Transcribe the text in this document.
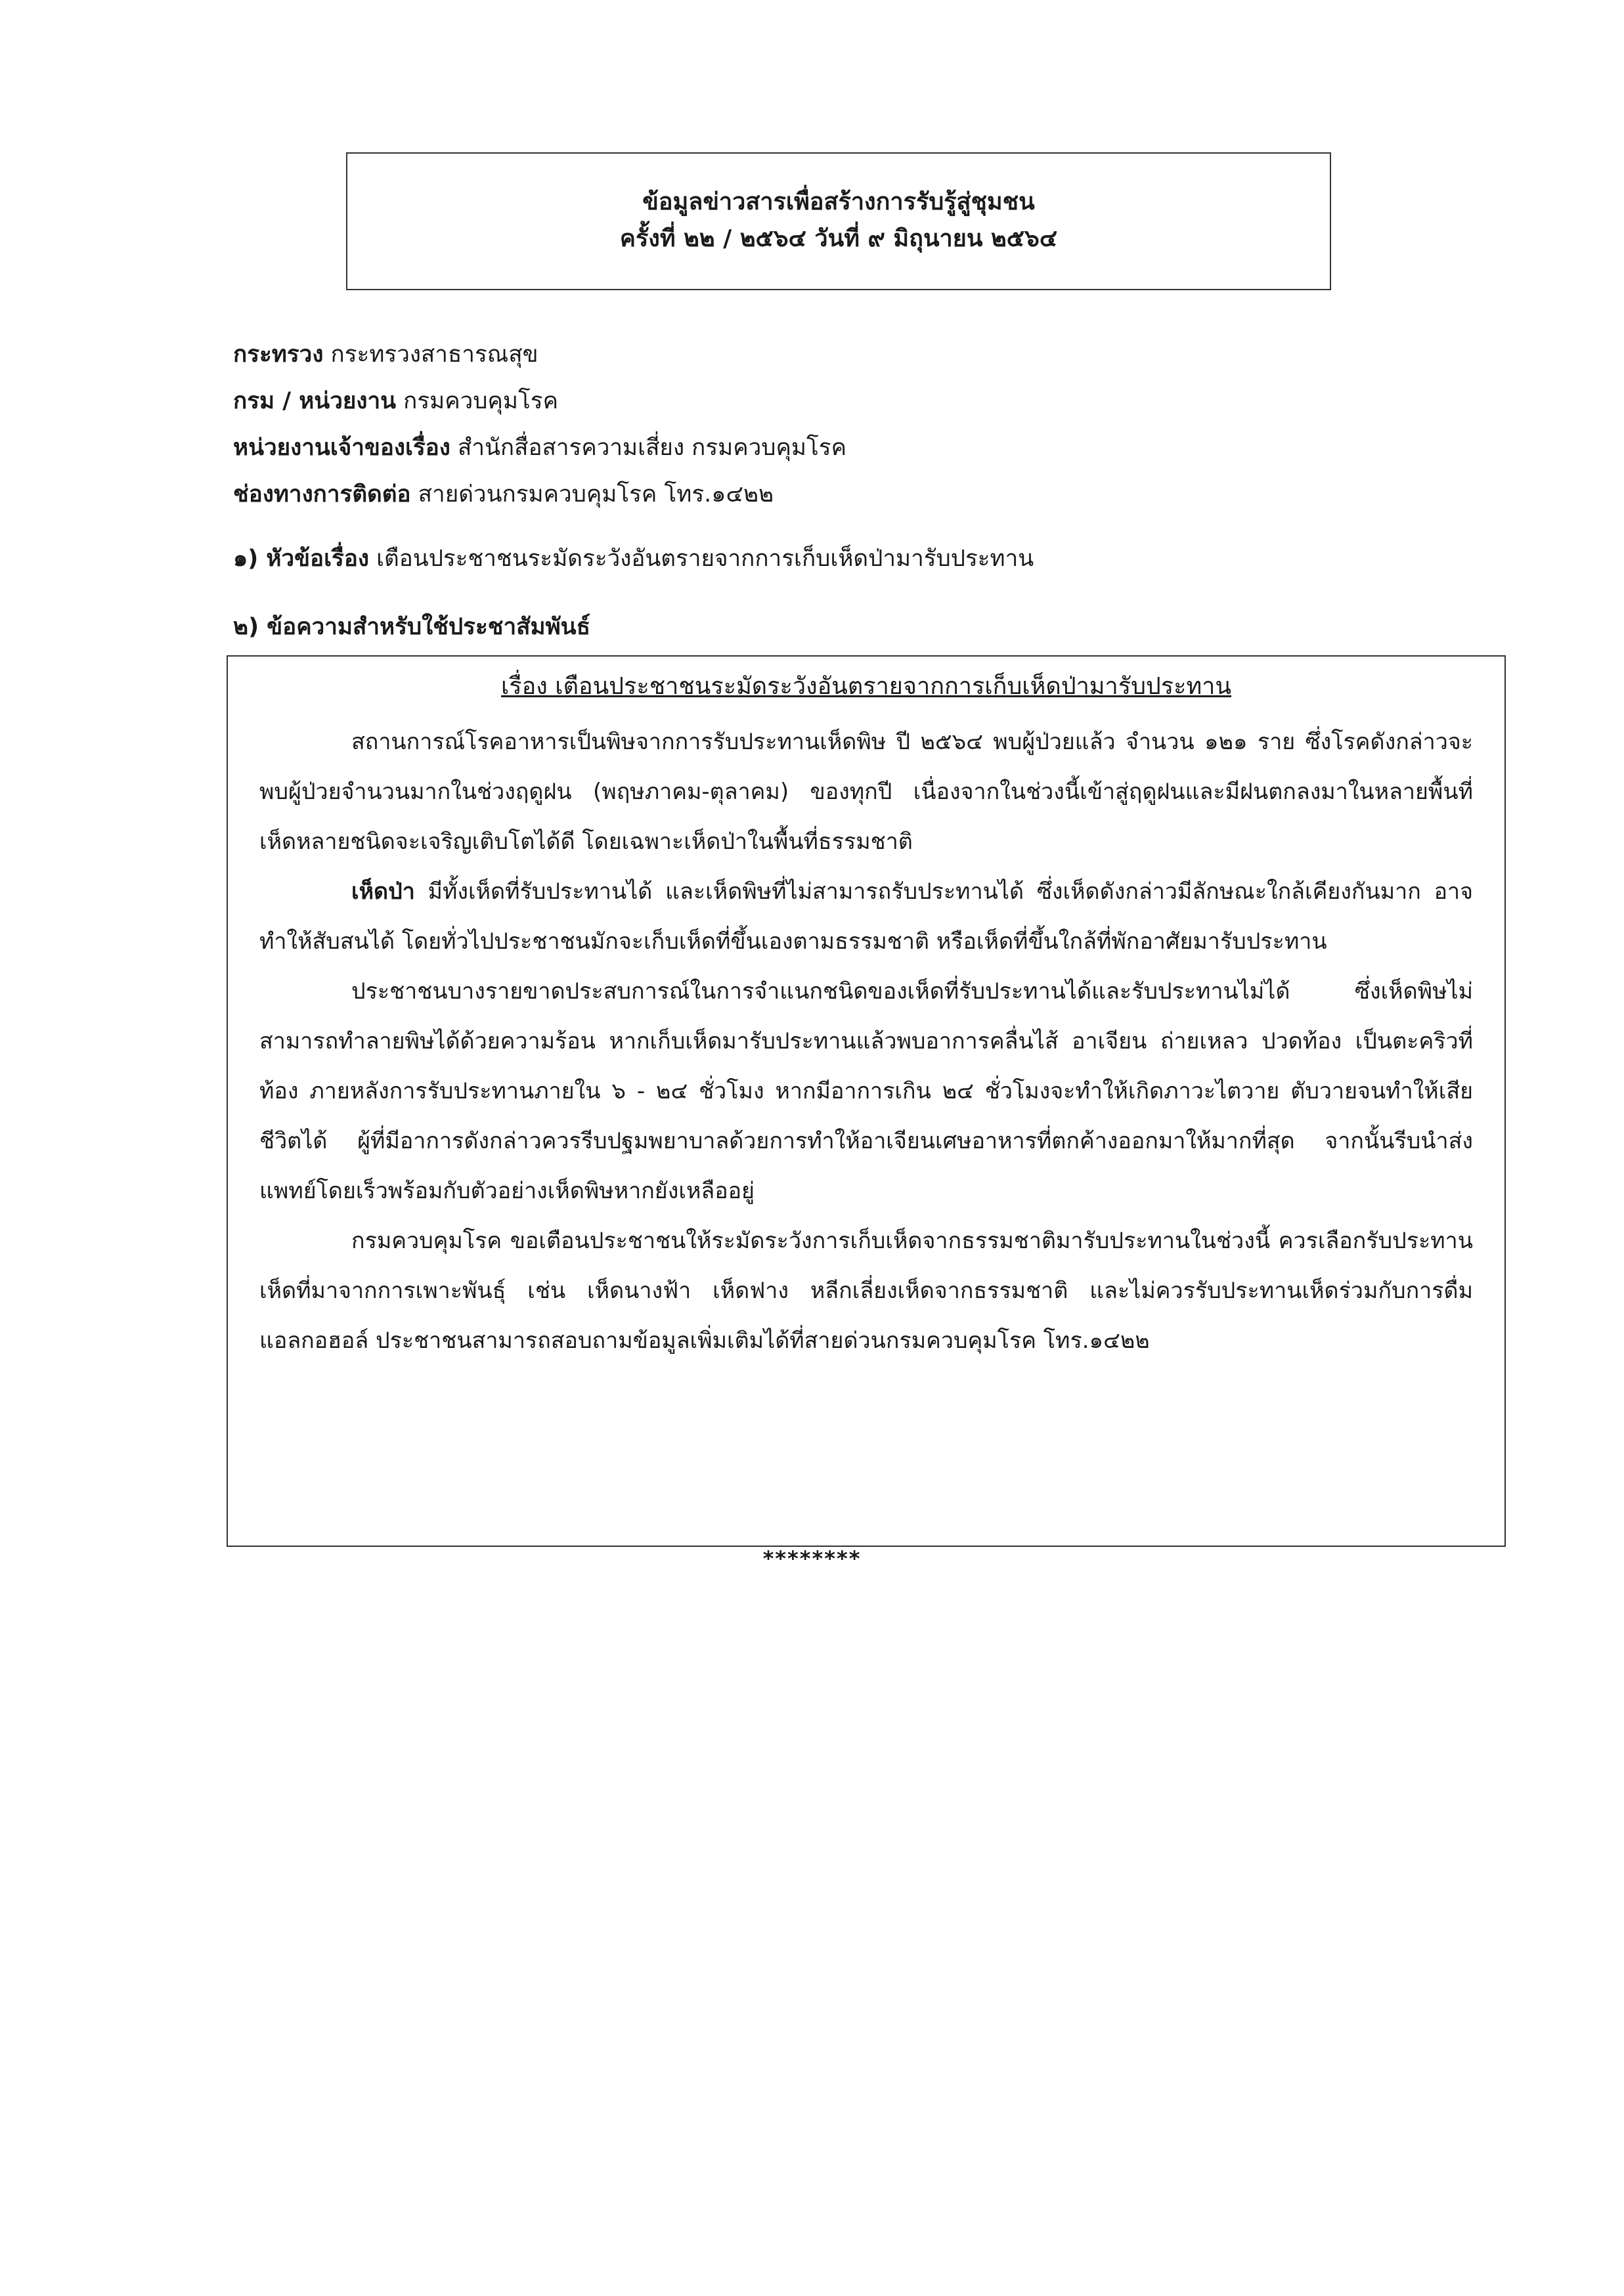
ข้อมูลข่าวสารเพื่อสร้างการรับรู้สู่ชุมชน
ครั้งที่ ๒๒ / ๒๕๖๔ วันที่ ๙ มิถุนายน ๒๕๖๔
กระทรวง กระทรวงสาธารณสุข
กรม / หน่วยงาน กรมควบคุมโรค
หน่วยงานเจ้าของเรื่อง สำนักสื่อสารความเสี่ยง กรมควบคุมโรค
ช่องทางการติดต่อ สายด่วนกรมควบคุมโรค โทร.๑๔๒๒
๑) หัวข้อเรื่อง เตือนประชาชนระมัดระวังอันตรายจากการเก็บเห็ดป่ามารับประทาน
๒) ข้อความสำหรับใช้ประชาสัมพันธ์
เรื่อง เตือนประชาชนระมัดระวังอันตรายจากการเก็บเห็ดป่ามารับประทาน

สถานการณ์โรคอาหารเป็นพิษจากการรับประทานเห็ดพิษ ปี ๒๕๖๔ พบผู้ป่วยแล้ว จำนวน ๑๒๑ ราย ซึ่งโรคดังกล่าวจะพบผู้ป่วยจำนวนมากในช่วงฤดูฝน (พฤษภาคม-ตุลาคม) ของทุกปี เนื่องจากในช่วงนี้เข้าสู่ฤดูฝนและมีฝนตกลงมาในหลายพื้นที่ เห็ดหลายชนิดจะเจริญเติบโตได้ดี โดยเฉพาะเห็ดป่าในพื้นที่ธรรมชาติ

เห็ดป่า มีทั้งเห็ดที่รับประทานได้ และเห็ดพิษที่ไม่สามารถรับประทานได้ ซึ่งเห็ดดังกล่าวมีลักษณะใกล้เคียงกันมาก อาจทำให้สับสนได้ โดยทั่วไปประชาชนมักจะเก็บเห็ดที่ขึ้นเองตามธรรมชาติ หรือเห็ดที่ขึ้นใกล้ที่พักอาศัยมารับประทาน

ประชาชนบางรายขาดประสบการณ์ในการจำแนกชนิดของเห็ดที่รับประทานได้และรับประทานไม่ได้ ซึ่งเห็ดพิษไม่สามารถทำลายพิษได้ด้วยความร้อน หากเก็บเห็ดมารับประทานแล้วพบอาการคลื่นไส้ อาเจียน ถ่ายเหลว ปวดท้อง เป็นตะคริวที่ท้อง ภายหลังการรับประทานภายใน ๖ - ๒๔ ชั่วโมง หากมีอาการเกิน ๒๔ ชั่วโมงจะทำให้เกิดภาวะไตวาย ตับวายจนทำให้เสียชีวิตได้ ผู้ที่มีอาการดังกล่าวควรรีบปฐมพยาบาลด้วยการทำให้อาเจียนเศษอาหารที่ตกค้างออกมาให้มากที่สุด จากนั้นรีบนำส่งแพทย์โดยเร็วพร้อมกับตัวอย่างเห็ดพิษหากยังเหลืออยู่

กรมควบคุมโรค ขอเตือนประชาชนให้ระมัดระวังการเก็บเห็ดจากธรรมชาติมารับประทานในช่วงนี้ ควรเลือกรับประทานเห็ดที่มาจากการเพาะพันธุ์ เช่น เห็ดนางฟ้า เห็ดฟาง หลีกเลี่ยงเห็ดจากธรรมชาติ และไม่ควรรับประทานเห็ดร่วมกับการดื่มแอลกอฮอล์ ประชาชนสามารถสอบถามข้อมูลเพิ่มเติมได้ที่สายด่วนกรมควบคุมโรค โทร.๑๔๒๒

********
